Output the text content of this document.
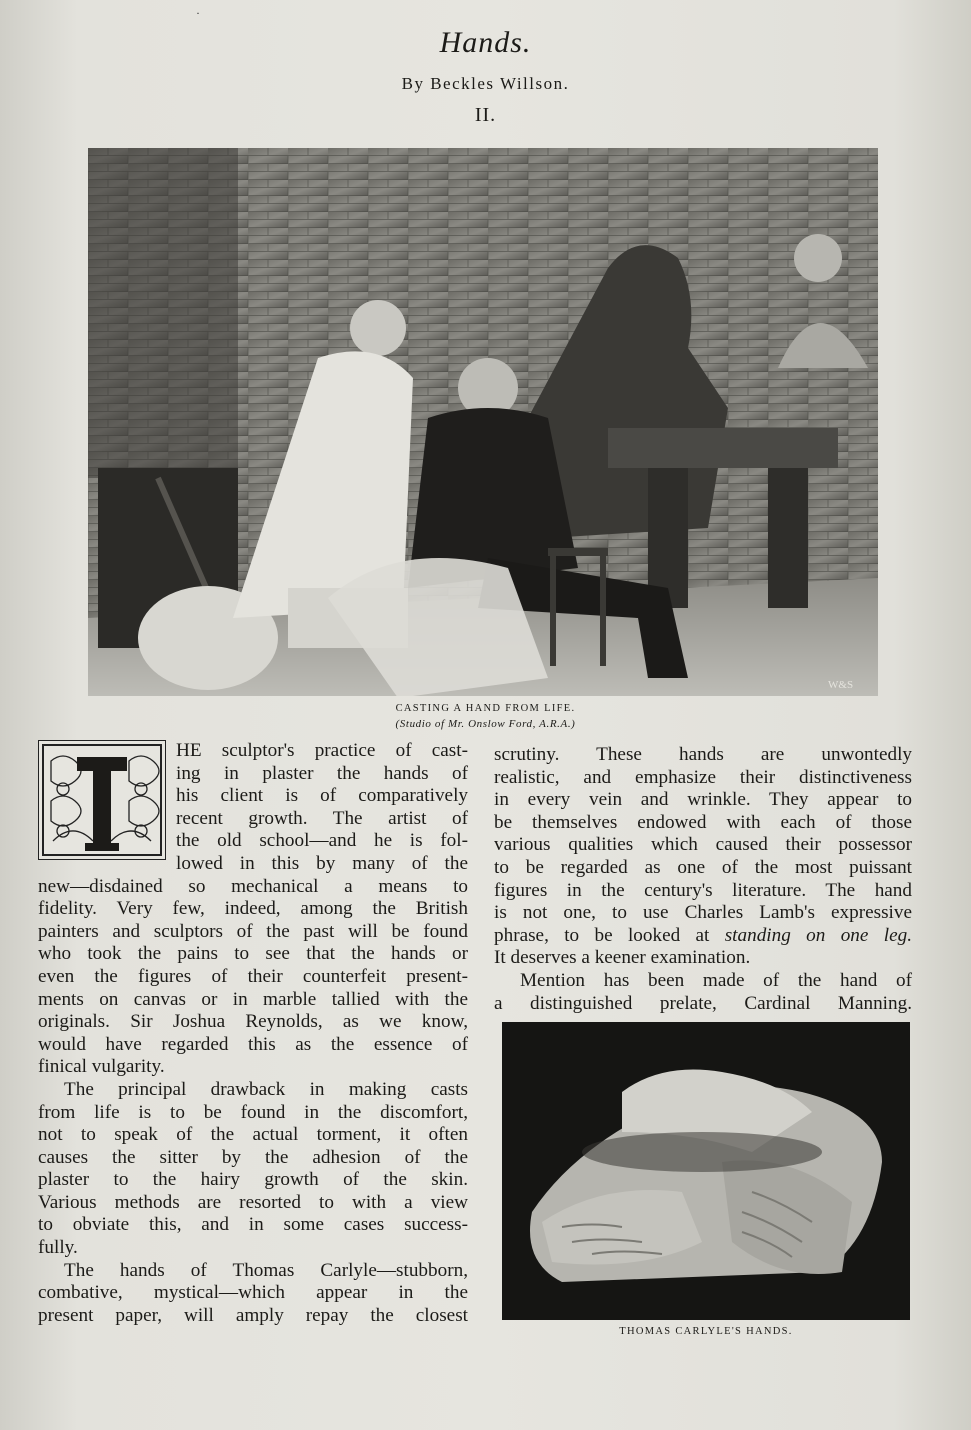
·
Hands.
By Beckles Willson.
II.
W&S
CASTING A HAND FROM LIFE.
(Studio of Mr. Onslow Ford, A.R.A.)
T
HE sculptor's practice of cast-
ing in plaster the hands of
his client is of comparatively
recent growth. The artist of
the old school—and he is fol-
lowed in this by many of the
new—disdained so mechanical a means to
fidelity. Very few, indeed, among the British
painters and sculptors of the past will be found
who took the pains to see that the hands or
even the figures of their counterfeit present-
ments on canvas or in marble tallied with the
originals. Sir Joshua Reynolds, as we know,
would have regarded this as the essence of
finical vulgarity.
The principal drawback in making casts
from life is to be found in the discomfort,
not to speak of the actual torment, it often
causes the sitter by the adhesion of the
plaster to the hairy growth of the skin.
Various methods are resorted to with a view
to obviate this, and in some cases success-
fully.
The hands of Thomas Carlyle—stubborn,
combative, mystical—which appear in the
present paper, will amply repay the closest
scrutiny. These hands are unwontedly
realistic, and emphasize their distinctiveness
in every vein and wrinkle. They appear to
be themselves endowed with each of those
various qualities which caused their possessor
to be regarded as one of the most puissant
figures in the century's literature. The hand
is not one, to use Charles Lamb's expressive
phrase, to be looked at standing on one leg.
It deserves a keener examination.
Mention has been made of the hand of
a distinguished prelate, Cardinal Manning.
THOMAS CARLYLE'S HANDS.
